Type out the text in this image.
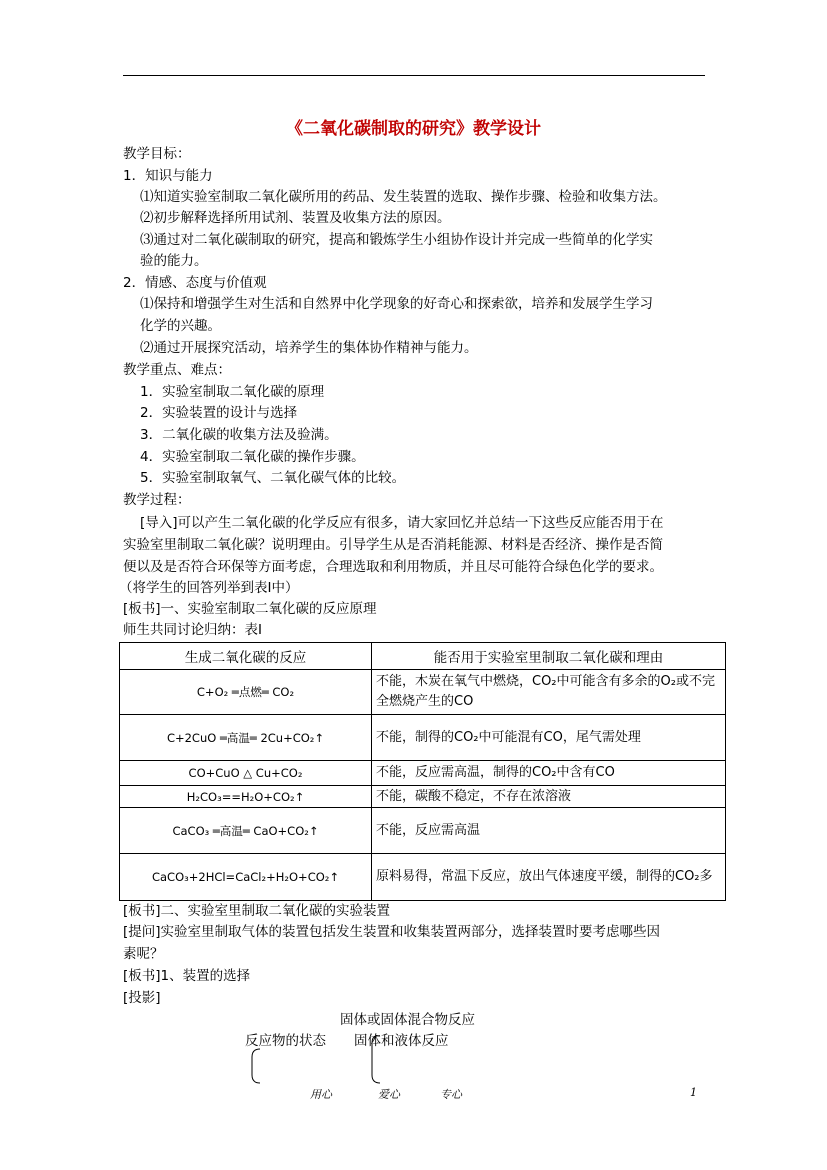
《二氧化碳制取的研究》教学设计
教学目标：
1．知识与能力
⑴知道实验室制取二氧化碳所用的药品、发生装置的选取、操作步骤、检验和收集方法。
⑵初步解释选择所用试剂、装置及收集方法的原因。
⑶通过对二氧化碳制取的研究，提高和锻炼学生小组协作设计并完成一些简单的化学实
验的能力。
2．情感、态度与价值观
⑴保持和增强学生对生活和自然界中化学现象的好奇心和探索欲，培养和发展学生学习
化学的兴趣。
⑵通过开展探究活动，培养学生的集体协作精神与能力。
教学重点、难点：
1．实验室制取二氧化碳的原理
2．实验装置的设计与选择
3．二氧化碳的收集方法及验满。
4．实验室制取二氧化碳的操作步骤。
5．实验室制取氧气、二氧化碳气体的比较。
教学过程：
[导入]可以产生二氧化碳的化学反应有很多，请大家回忆并总结一下这些反应能否用于在
实验室里制取二氧化碳？说明理由。引导学生从是否消耗能源、材料是否经济、操作是否简
便以及是否符合环保等方面考虑，合理选取和利用物质，并且尽可能符合绿色化学的要求。
（将学生的回答列举到表Ⅰ中）
[板书]一、实验室制取二氧化碳的反应原理
师生共同讨论归纳：表Ⅰ
生成二氧化碳的反应	能否用于实验室里制取二氧化碳和理由
C+O₂ ═点燃═ CO₂	不能，木炭在氧气中燃烧，CO₂中可能含有多余的O₂或不完全燃烧产生的CO
C+2CuO ═高温═ 2Cu+CO₂↑	不能，制得的CO₂中可能混有CO，尾气需处理
CO+CuO △ Cu+CO₂	不能，反应需高温，制得的CO₂中含有CO
H₂CO₃==H₂O+CO₂↑	不能，碳酸不稳定，不存在浓溶液
CaCO₃ ═高温═ CaO+CO₂↑	不能，反应需高温
CaCO₃+2HCl=CaCl₂+H₂O+CO₂↑	原料易得，常温下反应，放出气体速度平缓，制得的CO₂多
[板书]二、实验室里制取二氧化碳的实验装置
[提问]实验室里制取气体的装置包括发生装置和收集装置两部分，选择装置时要考虑哪些因
素呢？
[板书]1、装置的选择
[投影]
固体或固体混合物反应
反应物的状态 固体和液体反应
用心	爱心	专心	1
